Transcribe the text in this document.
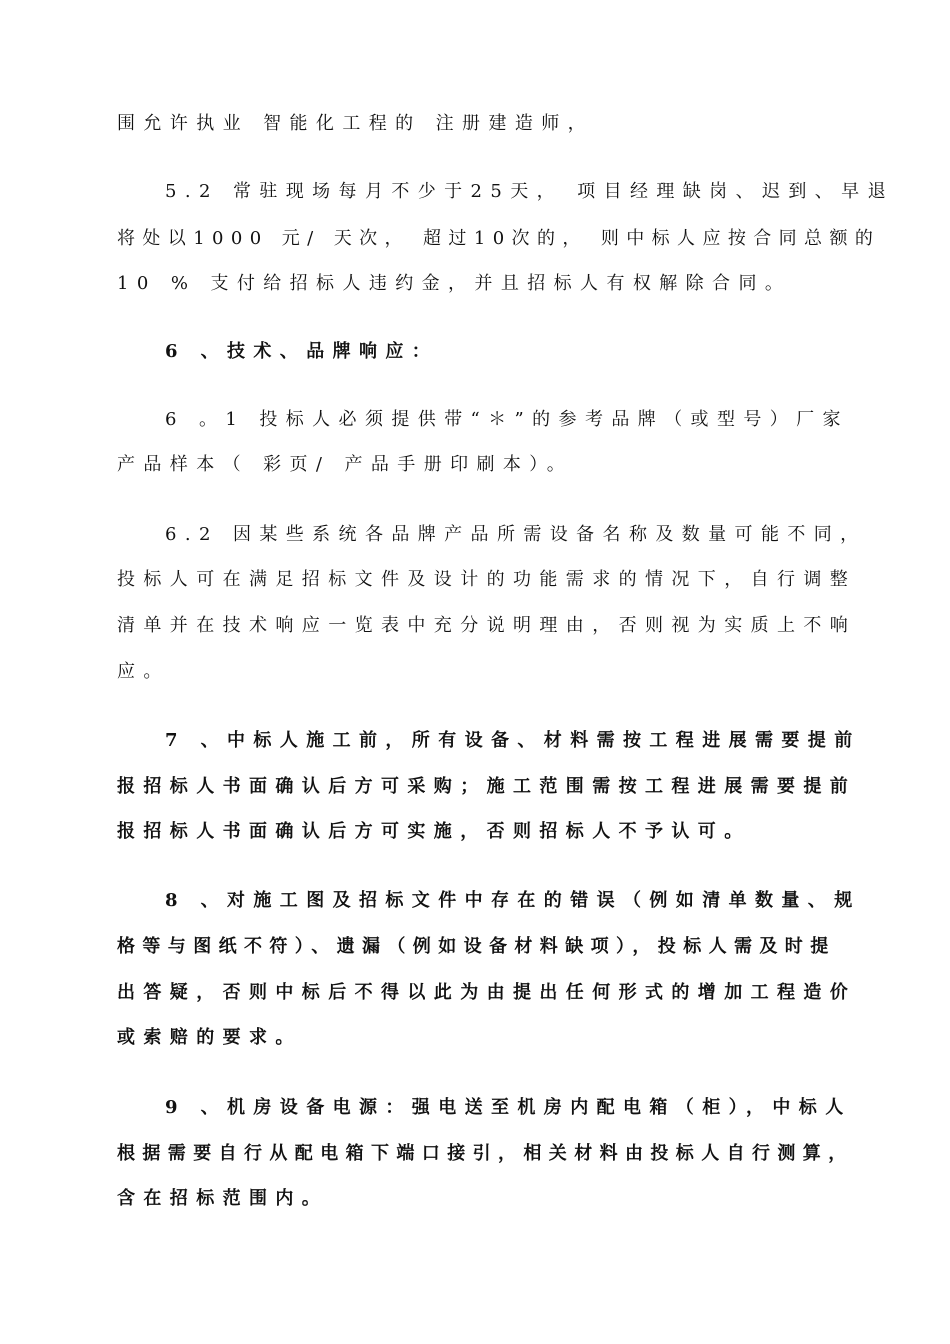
围允许执业 智能化工程的 注册建造师，
5.2 常驻现场每月不少于25天， 项目经理缺岗、迟到、早退
将处以1000 元/ 天次， 超过10次的， 则中标人应按合同总额的
10 % 支付给招标人违约金，并且招标人有权解除合同。
6 、技术、品牌响应：
6 。1 投标人必须提供带“＊”的参考品牌（或型号）厂家
产品样本（ 彩页/ 产品手册印刷本）。
6.2 因某些系统各品牌产品所需设备名称及数量可能不同，
投标人可在满足招标文件及设计的功能需求的情况下，自行调整
清单并在技术响应一览表中充分说明理由，否则视为实质上不响
应。
7 、中标人施工前，所有设备、材料需按工程进展需要提前
报招标人书面确认后方可采购；施工范围需按工程进展需要提前
报招标人书面确认后方可实施，否则招标人不予认可。
8 、对施工图及招标文件中存在的错误（例如清单数量、规
格等与图纸不符）、遗漏（例如设备材料缺项），投标人需及时提
出答疑，否则中标后不得以此为由提出任何形式的增加工程造价
或索赔的要求。
9 、机房设备电源：强电送至机房内配电箱（柜），中标人
根据需要自行从配电箱下端口接引，相关材料由投标人自行测算，
含在招标范围内。
